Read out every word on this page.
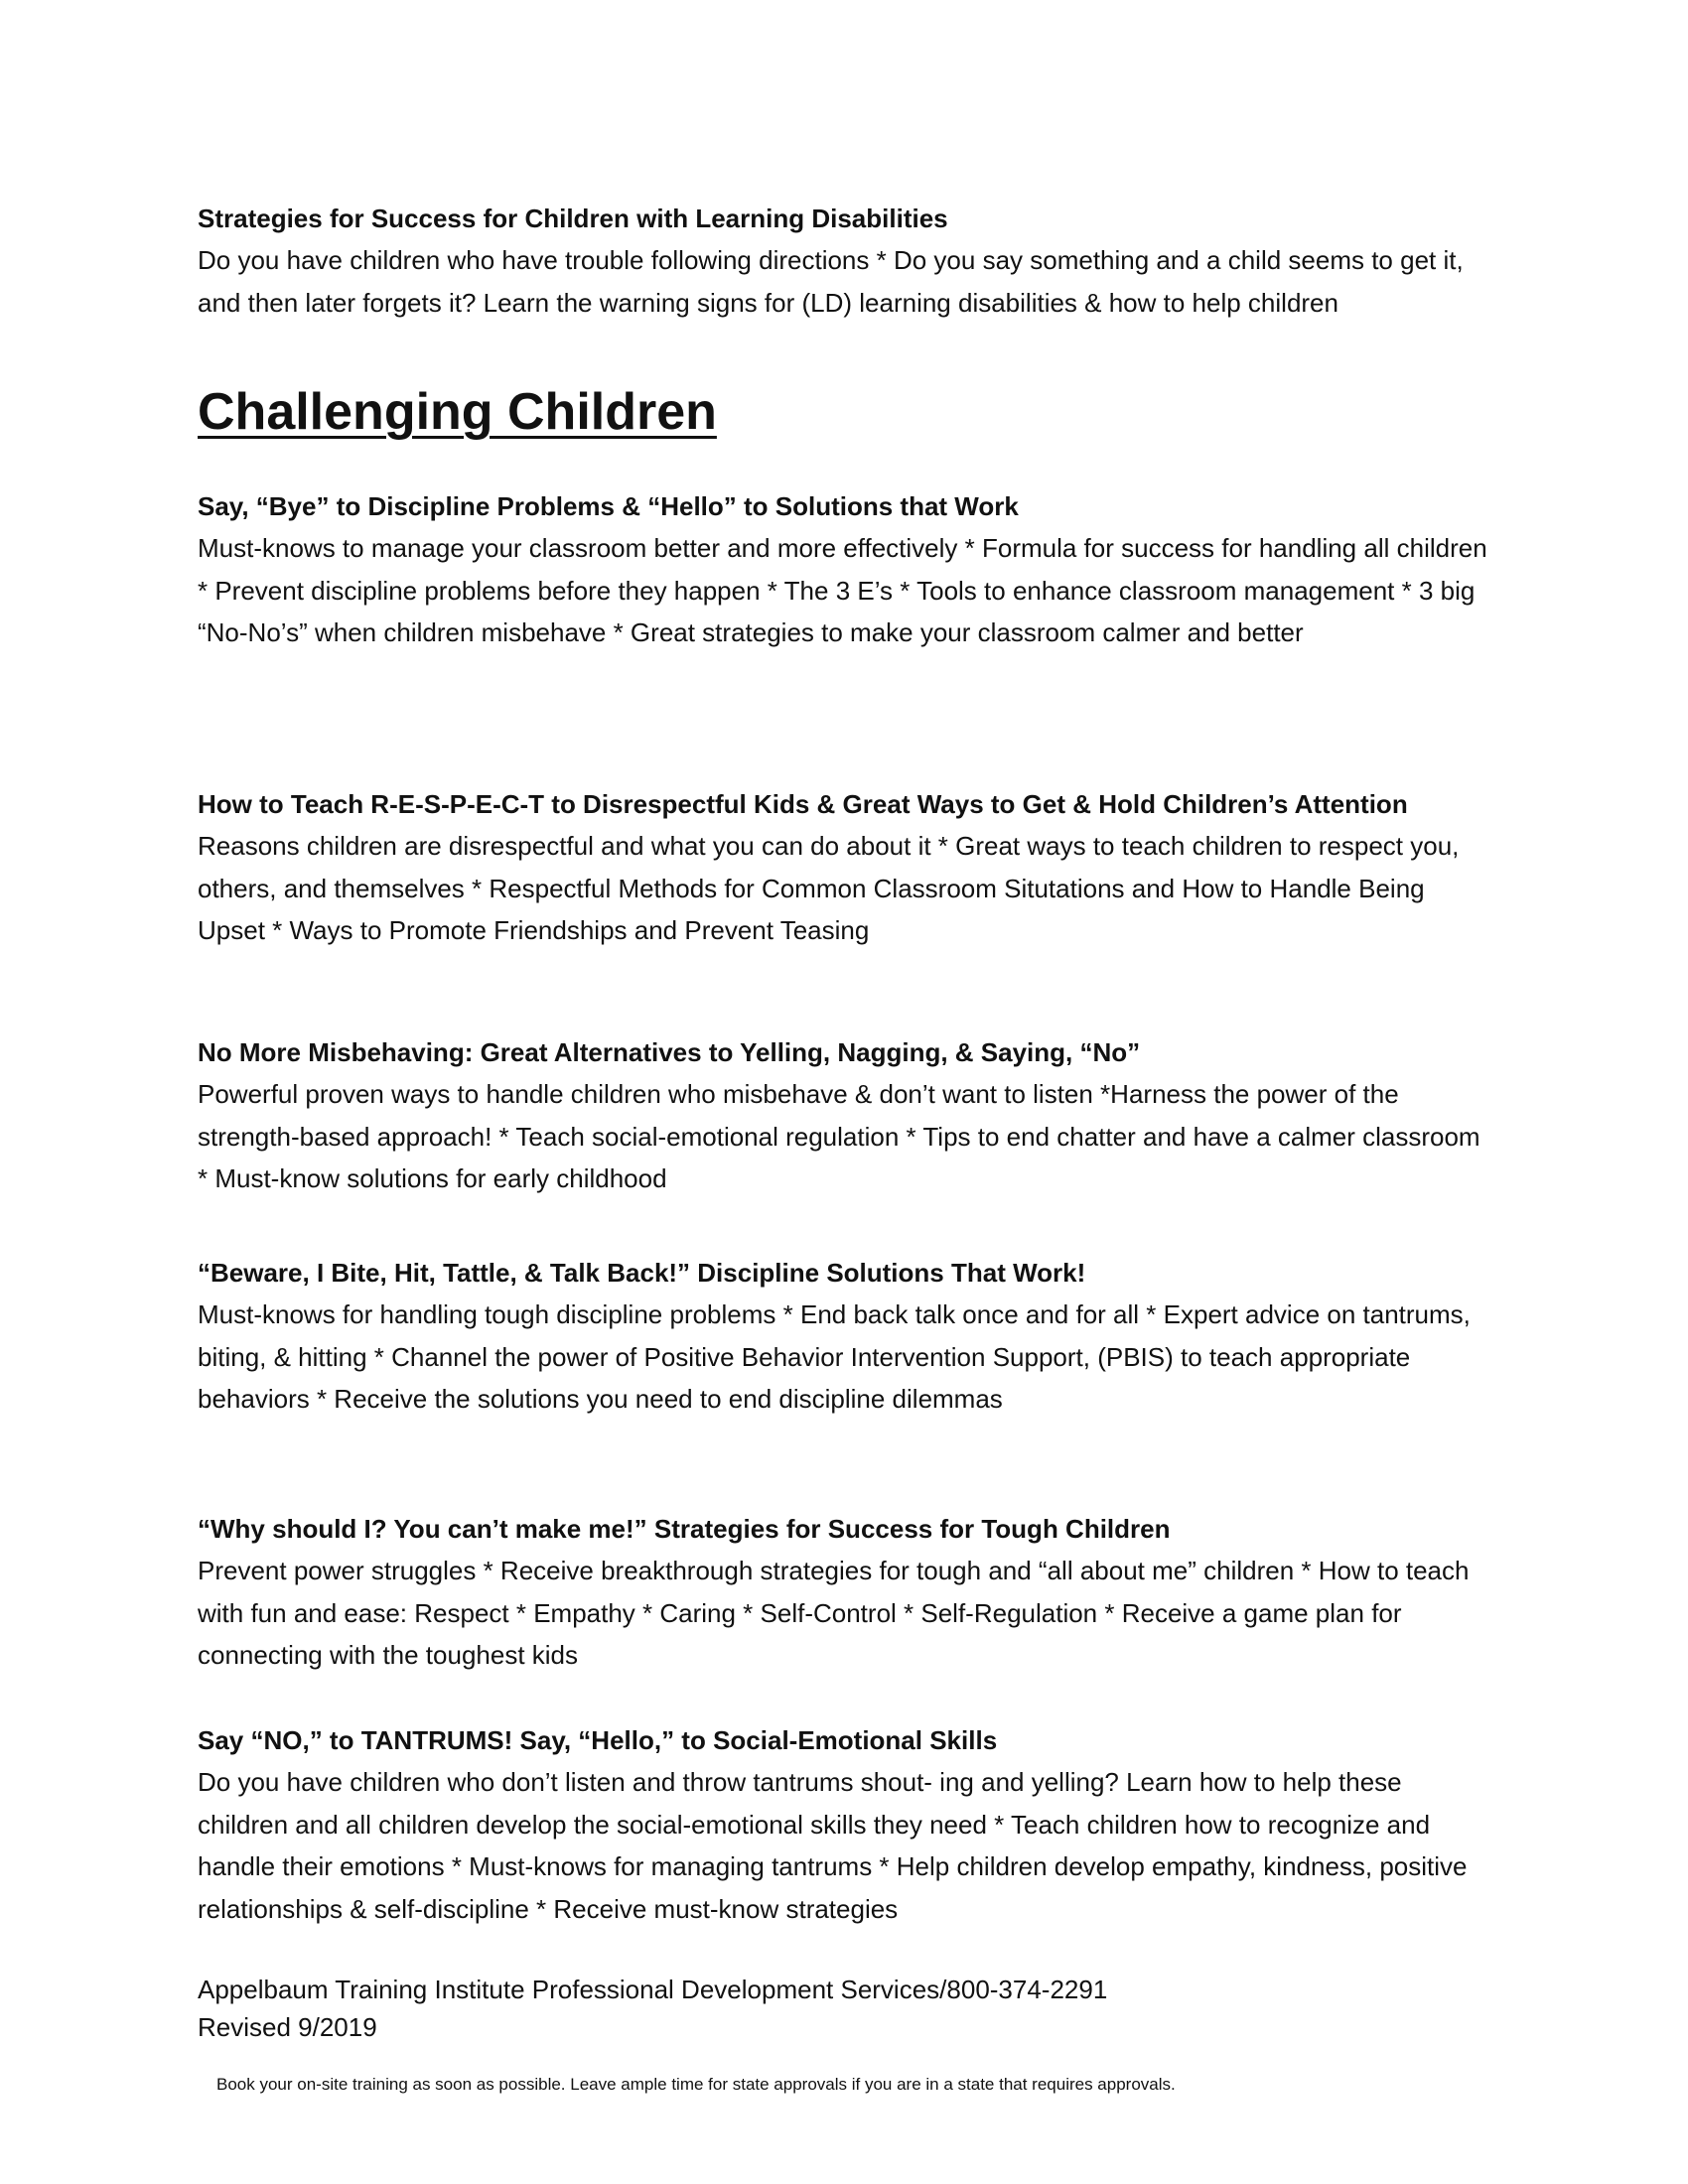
Strategies for Success for Children with Learning Disabilities

Do you have children who have trouble following directions * Do you say something and a child seems to get it, and then later forgets it? Learn the warning signs for (LD) learning disabilities & how to help children

Challenging Children

Say, “Bye” to Discipline Problems & “Hello” to Solutions that Work

Must-knows to manage your classroom better and more effectively * Formula for success for handling all children * Prevent discipline problems before they happen * The 3 E’s * Tools to enhance classroom management * 3 big “No-No’s” when children misbehave * Great strategies to make your classroom calmer and better

How to Teach R-E-S-P-E-C-T to Disrespectful Kids & Great Ways to Get & Hold Children’s Attention

Reasons children are disrespectful and what you can do about it * Great ways to teach children to respect you, others, and themselves * Respectful Methods for Common Classroom Situtations and How to Handle Being Upset * Ways to Promote Friendships and Prevent Teasing

No More Misbehaving: Great Alternatives to Yelling, Nagging, & Saying, “No”

Powerful proven ways to handle children who misbehave & don’t want to listen *Harness the power of the strength-based approach! * Teach social-emotional regulation * Tips to end chatter and have a calmer classroom * Must-know solutions for early childhood

“Beware, I Bite, Hit, Tattle, & Talk Back!” Discipline Solutions That Work!

Must-knows for handling tough discipline problems * End back talk once and for all * Expert advice on tantrums, biting, & hitting * Channel the power of Positive Behavior Intervention Support, (PBIS) to teach appropriate behaviors * Receive the solutions you need to end discipline dilemmas

“Why should I? You can’t make me!” Strategies for Success for Tough Children

Prevent power struggles * Receive breakthrough strategies for tough and “all about me” children * How to teach with fun and ease: Respect * Empathy * Caring * Self-Control * Self-Regulation * Receive a game plan for connecting with the toughest kids

Say “NO,” to TANTRUMS! Say, “Hello,” to Social-Emotional Skills

Do you have children who don’t listen and throw tantrums shout- ing and yelling? Learn how to help these children and all children develop the social-emotional skills they need * Teach children how to recognize and handle their emotions * Must-knows for managing tantrums * Help children develop empathy, kindness, positive relationships & self-discipline * Receive must-know strategies

Appelbaum Training Institute Professional Development Services/800-374-2291

Revised 9/2019

Book your on-site training as soon as possible. Leave ample time for state approvals if you are in a state that requires approvals.
